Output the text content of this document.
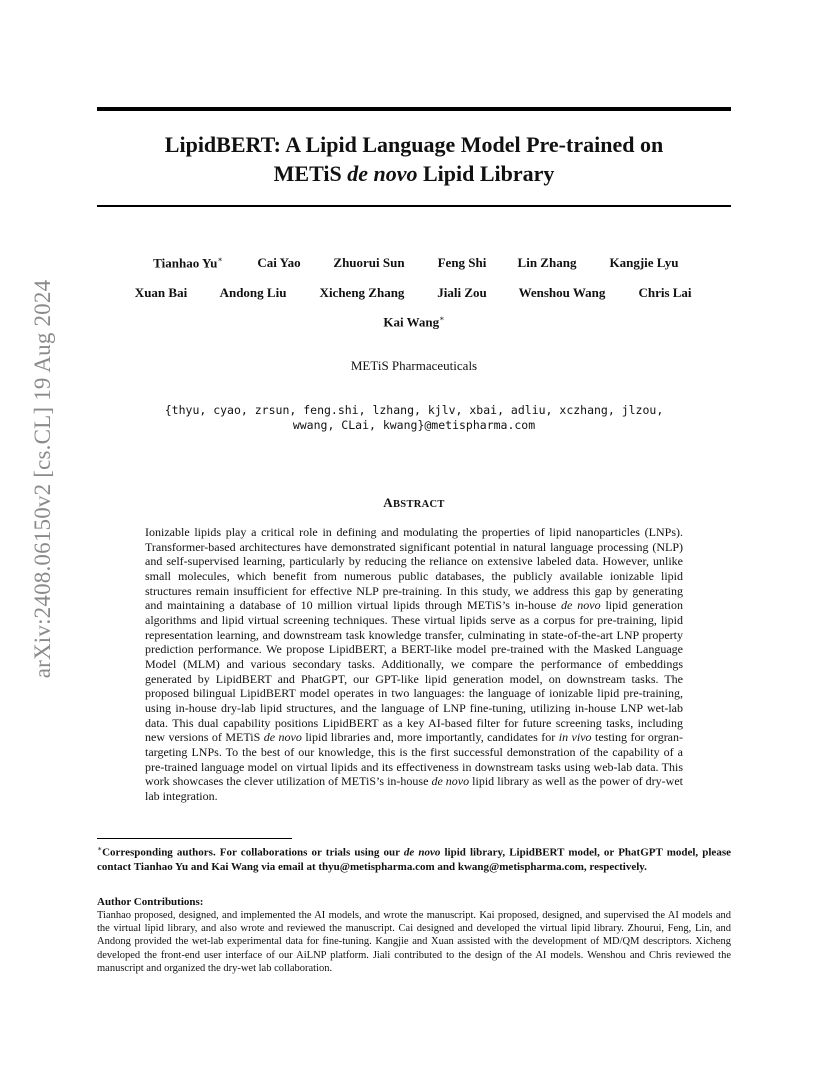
arXiv:2408.06150v2 [cs.CL] 19 Aug 2024
LipidBERT: A Lipid Language Model Pre-trained on
METiS de novo Lipid Library
Tianhao Yu∗	Cai Yao	Zhuorui Sun	Feng Shi Lin Zhang	Kangjie Lyu
Xuan Bai Andong Liu	Xicheng Zhang	Jiali Zou Wenshou Wang	Chris Lai
Kai Wang∗
METiS Pharmaceuticals
{thyu, cyao, zrsun, feng.shi, lzhang, kjlv, xbai, adliu, xczhang, jlzou,
wwang, CLai, kwang}@metispharma.com
ABSTRACT
Ionizable lipids play a critical role in defining and modulating the properties of lipid nanoparticles (LNPs). Transformer-based architectures have demonstrated significant potential in natural language processing (NLP) and self-supervised learning, particularly by reducing the reliance on extensive labeled data. However, unlike small molecules, which benefit from numerous public databases, the publicly available ionizable lipid structures remain insufficient for effective NLP pre-training. In this study, we address this gap by generating and maintaining a database of 10 million virtual lipids through METiS’s in-house de novo lipid generation algorithms and lipid virtual screening techniques. These virtual lipids serve as a corpus for pre-training, lipid representation learning, and downstream task knowledge transfer, culminating in state-of-the-art LNP property prediction performance. We propose LipidBERT, a BERT-like model pre-trained with the Masked Language Model (MLM) and various secondary tasks. Additionally, we compare the performance of embeddings generated by LipidBERT and PhatGPT, our GPT-like lipid generation model, on downstream tasks. The proposed bilingual LipidBERT model operates in two languages: the language of ionizable lipid pre-training, using in-house dry-lab lipid structures, and the language of LNP fine-tuning, utilizing in-house LNP wet-lab data. This dual capability positions LipidBERT as a key AI-based filter for future screening tasks, including new versions of METiS de novo lipid libraries and, more importantly, candidates for in vivo testing for orgran-targeting LNPs. To the best of our knowledge, this is the first successful demonstration of the capability of a pre-trained language model on virtual lipids and its effectiveness in downstream tasks using web-lab data. This work showcases the clever utilization of METiS’s in-house de novo lipid library as well as the power of dry-wet lab integration.
∗Corresponding authors. For collaborations or trials using our de novo lipid library, LipidBERT model, or PhatGPT model, please contact Tianhao Yu and Kai Wang via email at thyu@metispharma.com and kwang@metispharma.com, respectively.
Author Contributions:
Tianhao proposed, designed, and implemented the AI models, and wrote the manuscript. Kai proposed, designed, and supervised the AI models and the virtual lipid library, and also wrote and reviewed the manuscript. Cai designed and developed the virtual lipid library. Zhourui, Feng, Lin, and Andong provided the wet-lab experimental data for fine-tuning. Kangjie and Xuan assisted with the development of MD/QM descriptors. Xicheng developed the front-end user interface of our AiLNP platform. Jiali contributed to the design of the AI models. Wenshou and Chris reviewed the manuscript and organized the dry-wet lab collaboration.
